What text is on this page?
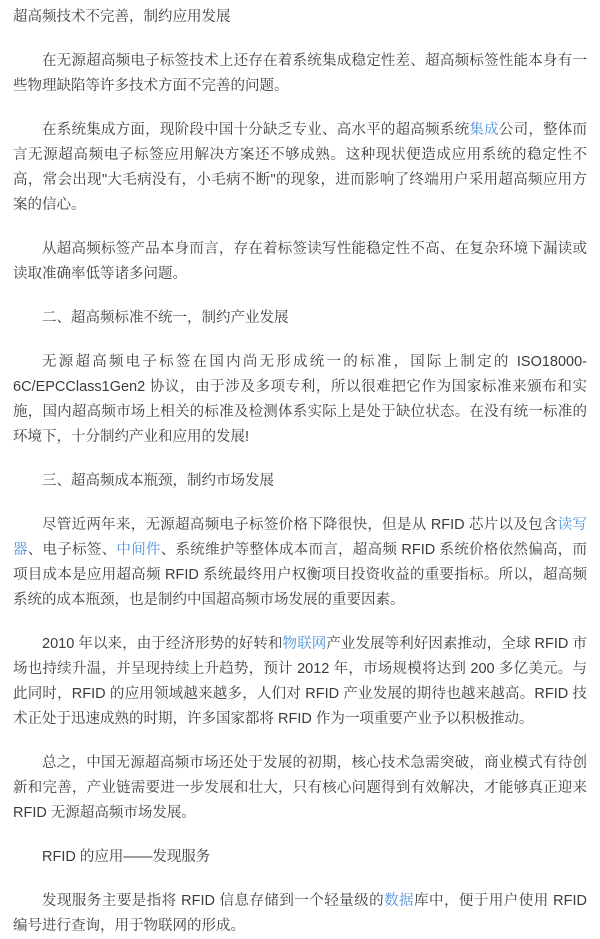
超高频技术不完善，制约应用发展

在无源超高频电子标签技术上还存在着系统集成稳定性差、超高频标签性能本身有一些物理缺陷等许多技术方面不完善的问题。

在系统集成方面，现阶段中国十分缺乏专业、高水平的超高频系统集成公司，整体而言无源超高频电子标签应用解决方案还不够成熟。这种现状便造成应用系统的稳定性不高，常会出现"大毛病没有，小毛病不断"的现象，进而影响了终端用户采用超高频应用方案的信心。

从超高频标签产品本身而言，存在着标签读写性能稳定性不高、在复杂环境下漏读或读取准确率低等诸多问题。

二、超高频标准不统一，制约产业发展

无源超高频电子标签在国内尚无形成统一的标准，国际上制定的 ISO18000-6C/EPCClass1Gen2 协议，由于涉及多项专利，所以很难把它作为国家标准来颁布和实施，国内超高频市场上相关的标准及检测体系实际上是处于缺位状态。在没有统一标准的环境下，十分制约产业和应用的发展!

三、超高频成本瓶颈，制约市场发展

尽管近两年来，无源超高频电子标签价格下降很快，但是从 RFID 芯片以及包含读写器、电子标签、中间件、系统维护等整体成本而言，超高频 RFID 系统价格依然偏高，而项目成本是应用超高频 RFID 系统最终用户权衡项目投资收益的重要指标。所以，超高频系统的成本瓶颈，也是制约中国超高频市场发展的重要因素。

2010 年以来，由于经济形势的好转和物联网产业发展等利好因素推动，全球 RFID 市场也持续升温，并呈现持续上升趋势，预计 2012 年，市场规模将达到 200 多亿美元。与此同时，RFID 的应用领域越来越多，人们对 RFID 产业发展的期待也越来越高。RFID 技术正处于迅速成熟的时期，许多国家都将 RFID 作为一项重要产业予以积极推动。

总之，中国无源超高频市场还处于发展的初期，核心技术急需突破，商业模式有待创新和完善，产业链需要进一步发展和壮大，只有核心问题得到有效解决，才能够真正迎来 RFID 无源超高频市场发展。

RFID 的应用——发现服务

发现服务主要是指将 RFID 信息存储到一个轻量级的数据库中，便于用户使用 RFID 编号进行查询，用于物联网的形成。
